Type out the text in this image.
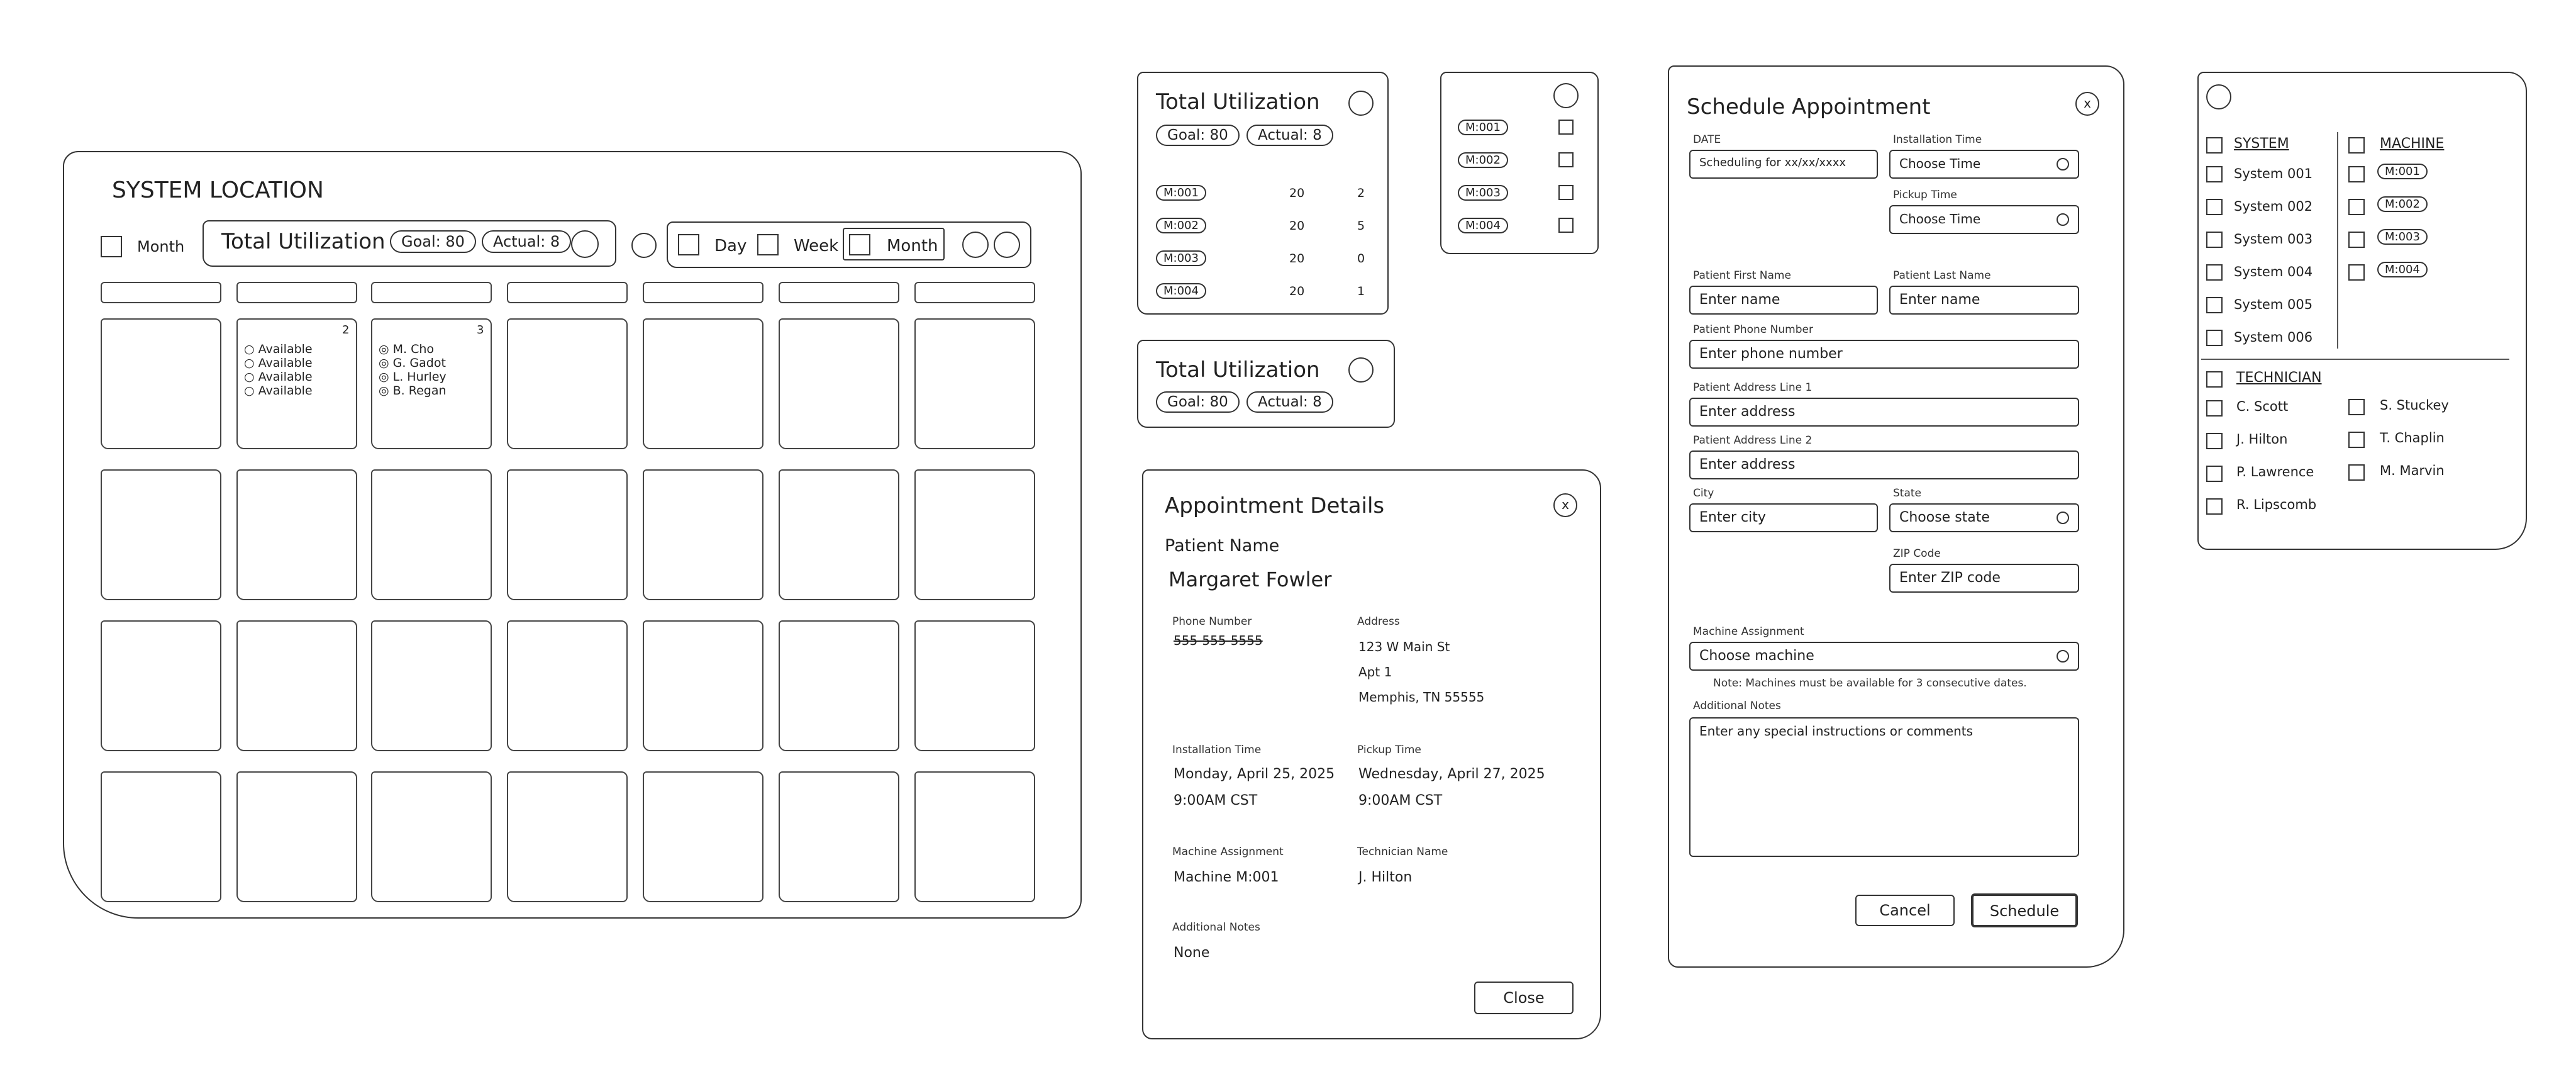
SYSTEM LOCATION
Month Total Utilization	Goal: 80	Actual: 8	Day	Week	Month
2
○ Available
○ Available
○ Available
○ Available
3
◎ M. Cho
◎ G. Gadot
◎ L. Hurley
◎ B. Regan
Total Utilization
Goal: 80	Actual: 8
M:001	20	2
M:002	20	5
M:003	20	0
M:004	20	1
M:001
M:002
M:003
M:004
Total Utilization
Goal: 80	Actual: 8
Appointment Details	x
Patient Name
Margaret Fowler
Phone Number
555-555-5555
Address
123 W Main St
Apt 1
Memphis, TN 55555
Installation Time
Monday, April 25, 2025
9:00AM CST
Pickup Time
Wednesday, April 27, 2025
9:00AM CST
Machine Assignment
Machine M:001
Technician Name
J. Hilton
Additional Notes
None
Close
Schedule Appointment	x
DATE
Scheduling for xx/xx/xxxx
Installation Time
Choose Time
Pickup Time
Choose Time
Patient First Name
Enter name
Patient Last Name
Enter name
Patient Phone Number
Enter phone number
Patient Address Line 1
Enter address
Patient Address Line 2
Enter address
City
Enter city
State
Choose state
ZIP Code
Enter ZIP code
Machine Assignment
Choose machine
Note: Machines must be available for 3 consecutive dates.
Additional Notes
Enter any special instructions or comments
Cancel	Schedule
SYSTEM
System 001
System 002
System 003
System 004
System 005
System 006
MACHINE
M:001
M:002
M:003
M:004
TECHNICIAN
C. Scott
J. Hilton
P. Lawrence
R. Lipscomb
S. Stuckey
T. Chaplin
M. Marvin
